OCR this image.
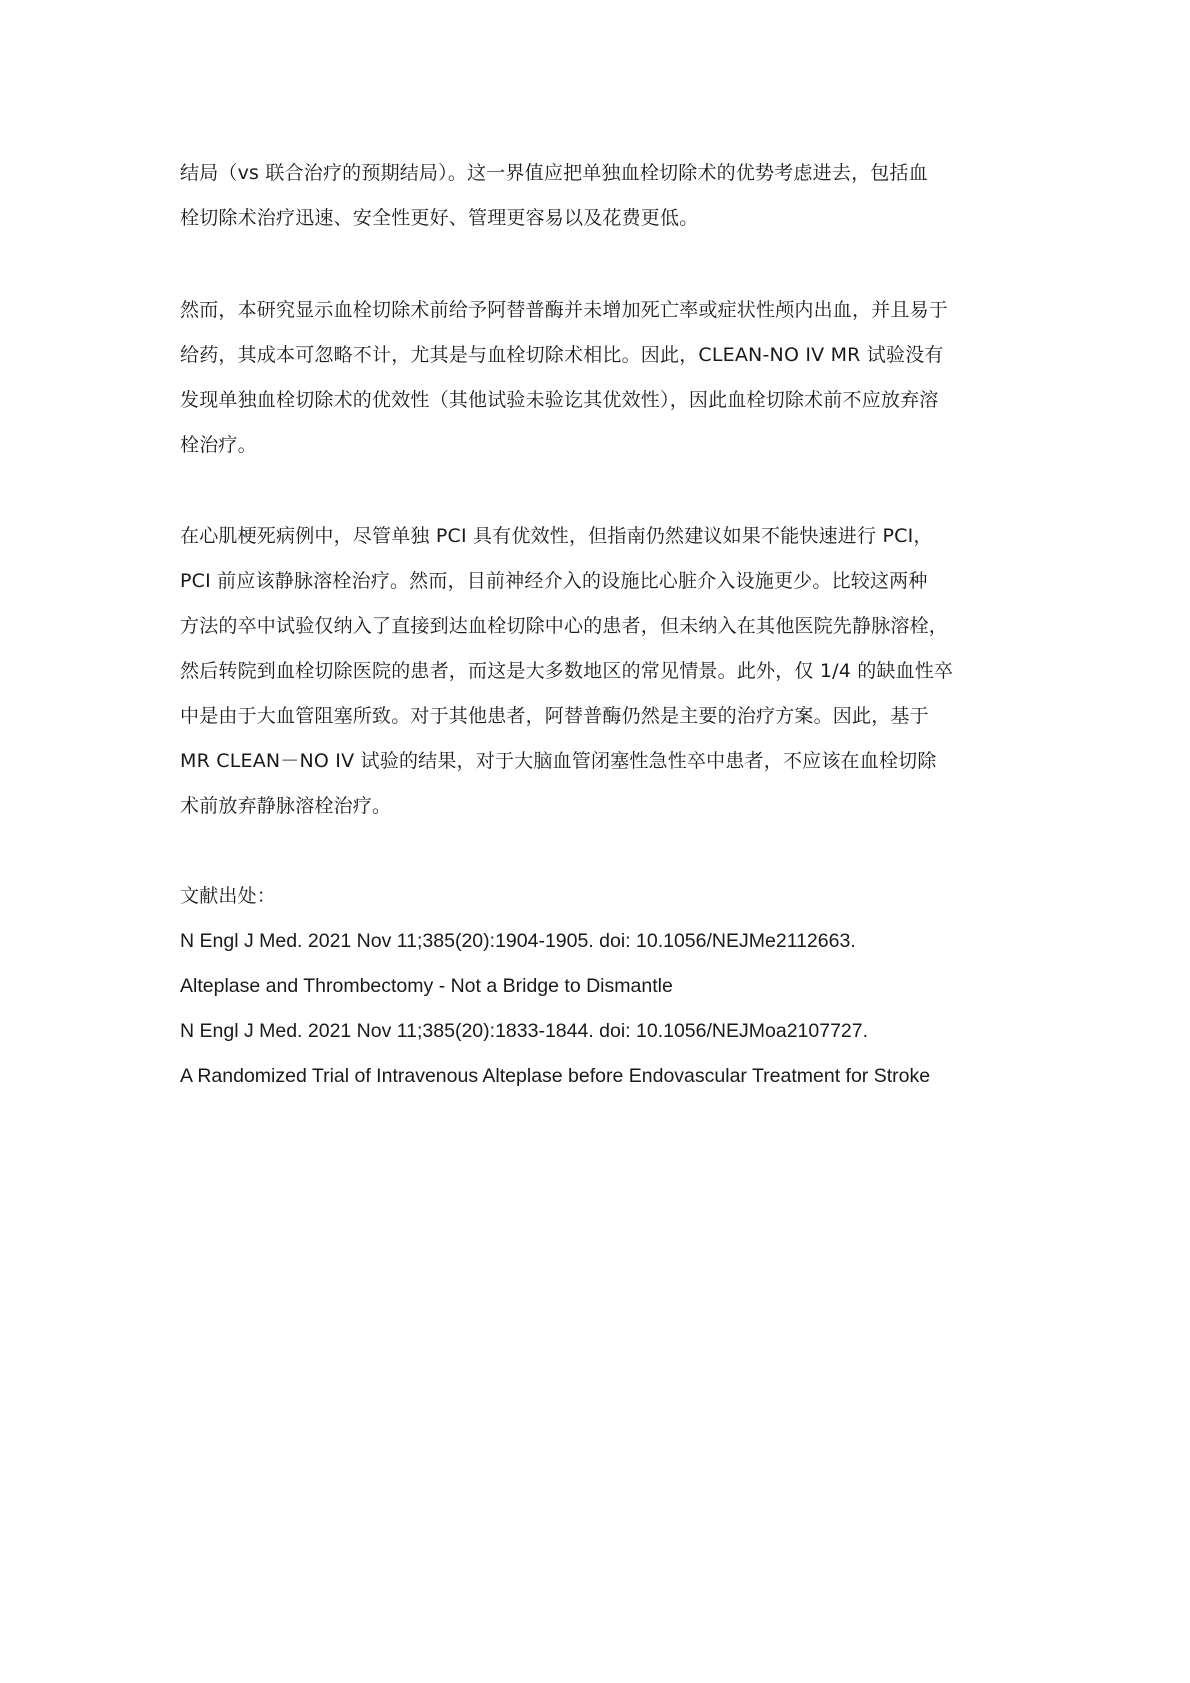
结局（vs 联合治疗的预期结局）。这一界值应把单独血栓切除术的优势考虑进去，包括血
栓切除术治疗迅速、安全性更好、管理更容易以及花费更低。
然而，本研究显示血栓切除术前给予阿替普酶并未增加死亡率或症状性颅内出血，并且易于
给药，其成本可忽略不计，尤其是与血栓切除术相比。因此，CLEAN-NO IV MR 试验没有
发现单独血栓切除术的优效性（其他试验未验讫其优效性），因此血栓切除术前不应放弃溶
栓治疗。
在心肌梗死病例中，尽管单独 PCI 具有优效性，但指南仍然建议如果不能快速进行 PCI，
PCI 前应该静脉溶栓治疗。然而，目前神经介入的设施比心脏介入设施更少。比较这两种
方法的卒中试验仅纳入了直接到达血栓切除中心的患者，但未纳入在其他医院先静脉溶栓，
然后转院到血栓切除医院的患者，而这是大多数地区的常见情景。此外，仅 1/4 的缺血性卒
中是由于大血管阻塞所致。对于其他患者，阿替普酶仍然是主要的治疗方案。因此，基于
MR CLEAN－NO IV 试验的结果，对于大脑血管闭塞性急性卒中患者，不应该在血栓切除
术前放弃静脉溶栓治疗。
文献出处：
N Engl J Med. 2021 Nov 11;385(20):1904-1905. doi: 10.1056/NEJMe2112663.
Alteplase and Thrombectomy - Not a Bridge to Dismantle
N Engl J Med. 2021 Nov 11;385(20):1833-1844. doi: 10.1056/NEJMoa2107727.
A Randomized Trial of Intravenous Alteplase before Endovascular Treatment for Stroke
